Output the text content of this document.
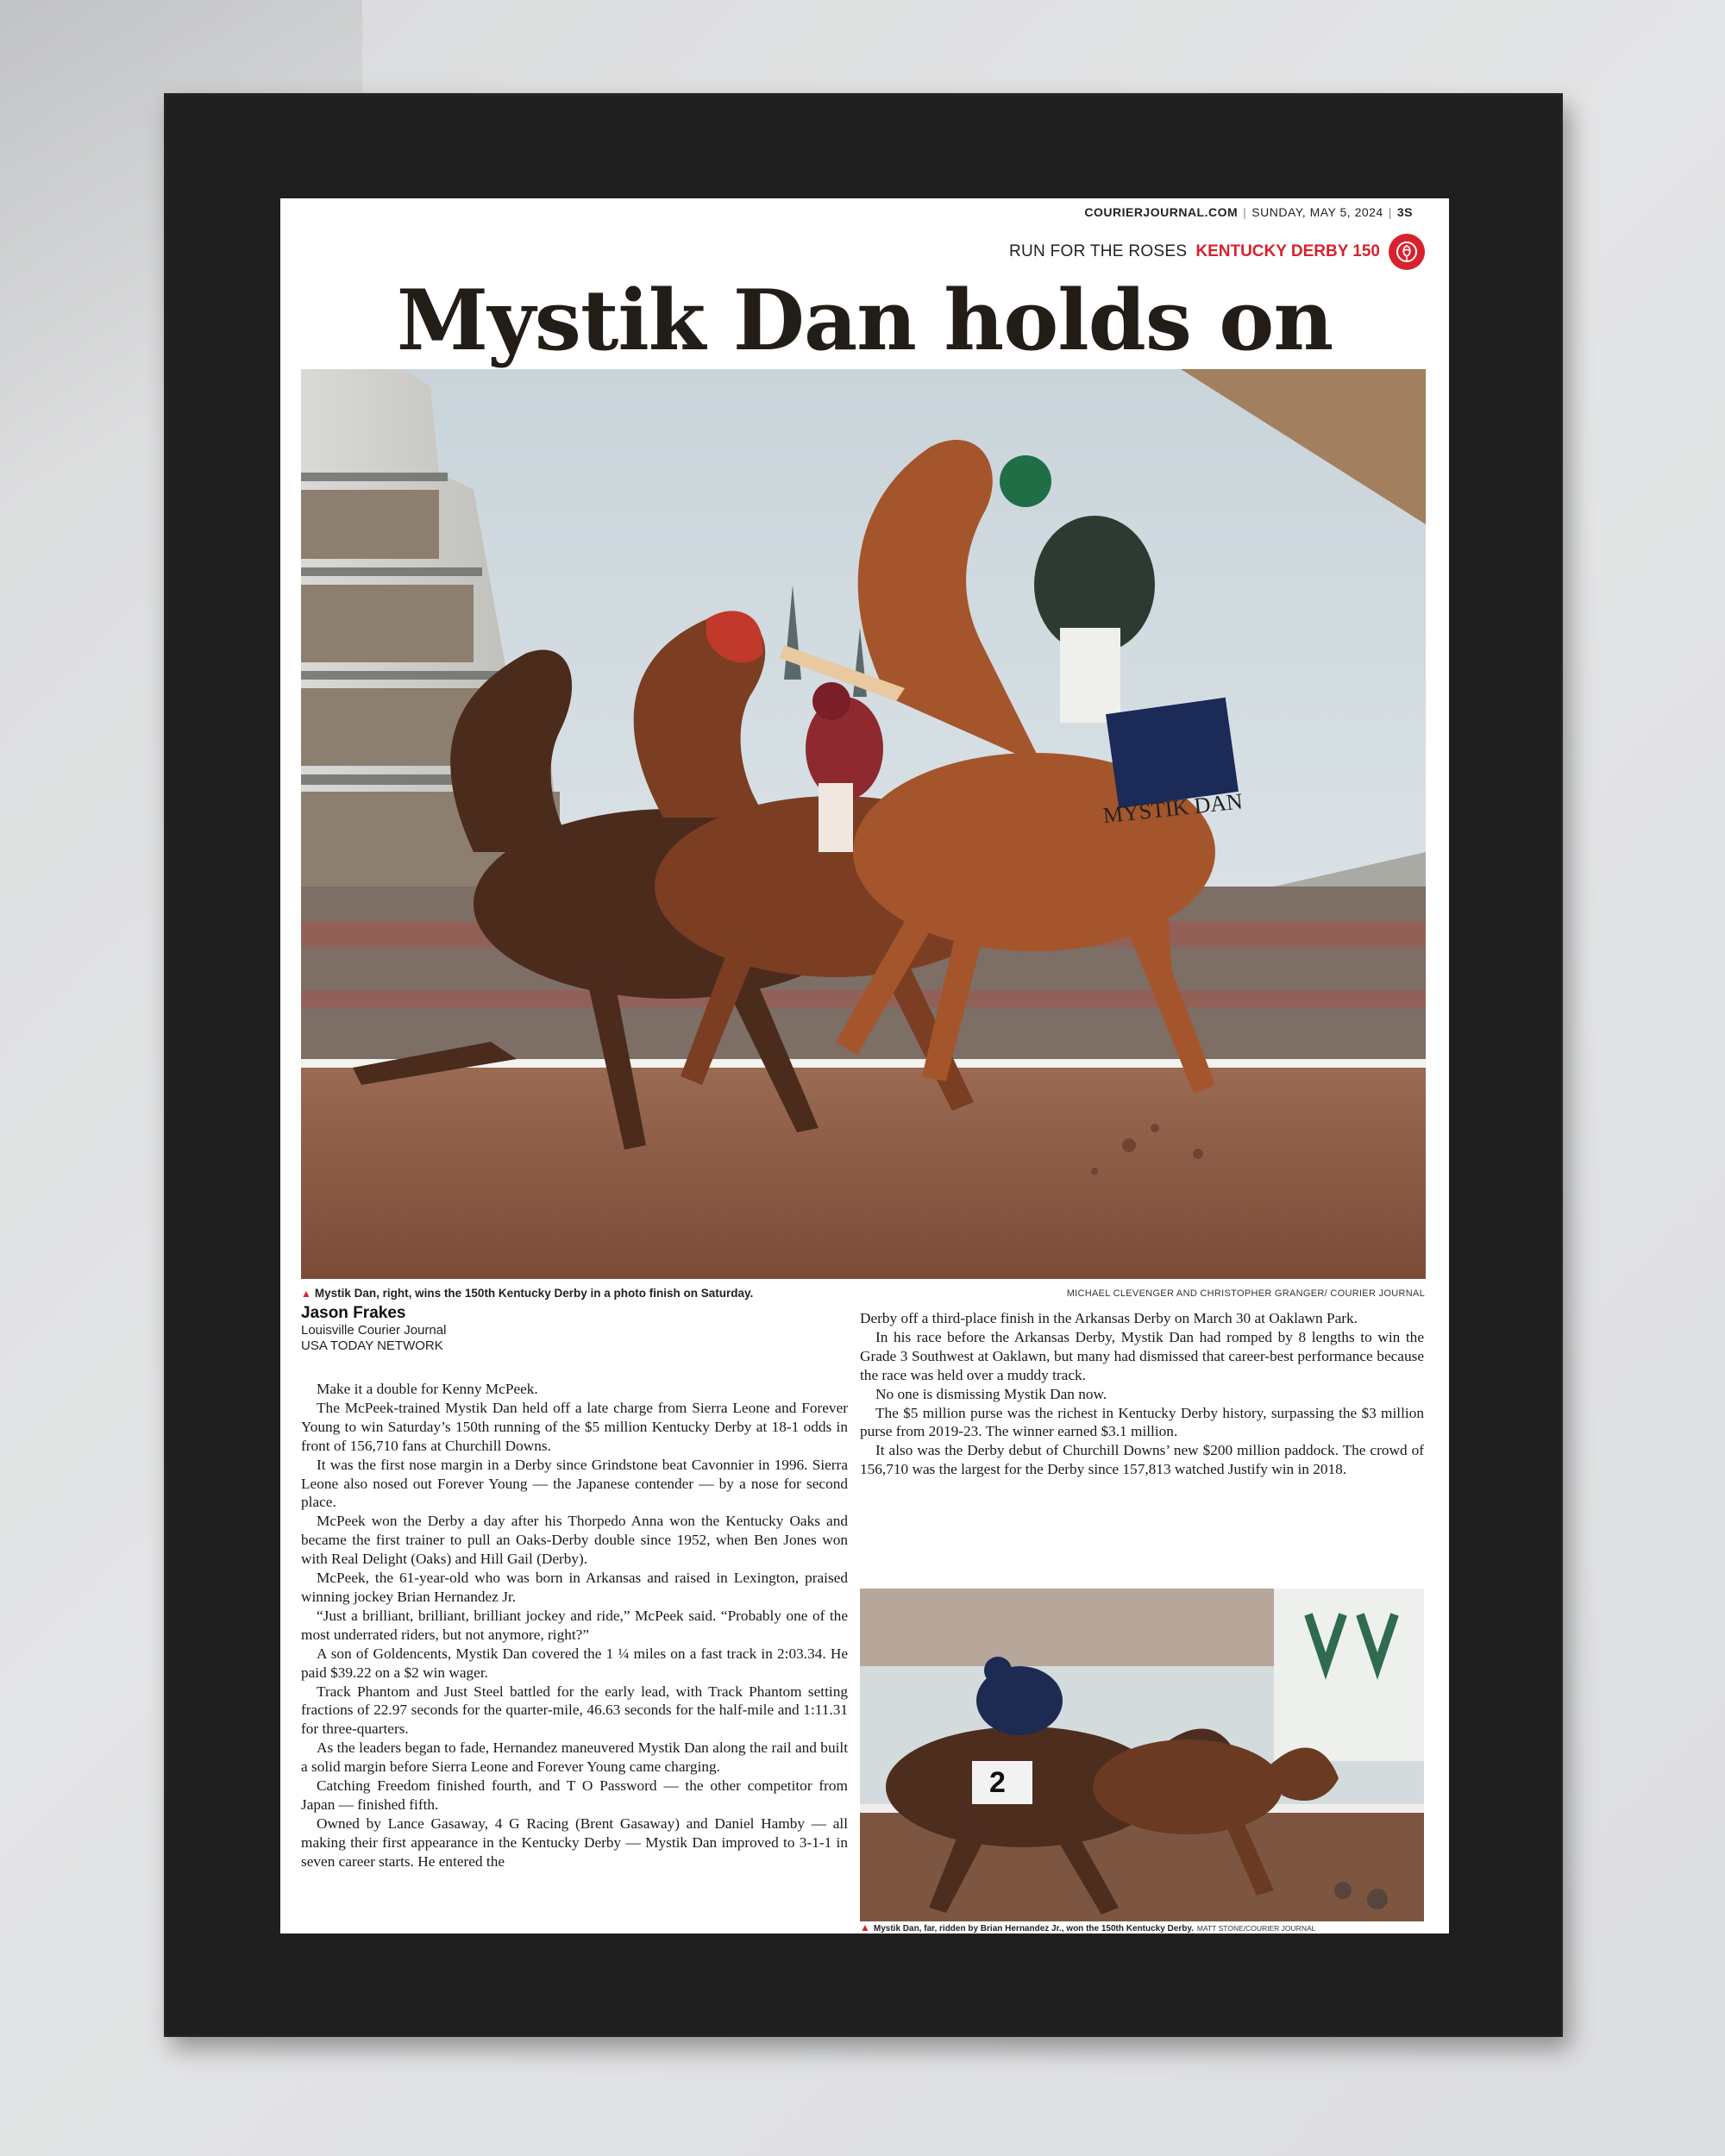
COURIERJOURNAL.COM | SUNDAY, MAY 5, 2024 | 3S
RUN FOR THE ROSES KENTUCKY DERBY 150
Mystik Dan holds on
MYSTIK DAN
▲ Mystik Dan, right, wins the 150th Kentucky Derby in a photo finish on Saturday.	MICHAEL CLEVENGER AND CHRISTOPHER GRANGER/ COURIER JOURNAL
Jason Frakes
Louisville Courier Journal
USA TODAY NETWORK

Make it a double for Kenny McPeek.

The McPeek-trained Mystik Dan held off a late charge from Sierra Leone and Forever Young to win Saturday’s 150th running of the $5 million Kentucky Derby at 18-1 odds in front of 156,710 fans at Churchill Downs.

It was the first nose margin in a Derby since Grindstone beat Cavonnier in 1996. Sierra Leone also nosed out Forever Young — the Japanese contender — by a nose for second place.

McPeek won the Derby a day after his Thorpedo Anna won the Kentucky Oaks and became the first trainer to pull an Oaks-Derby double since 1952, when Ben Jones won with Real Delight (Oaks) and Hill Gail (Derby).

McPeek, the 61-year-old who was born in Arkansas and raised in Lexington, praised winning jockey Brian Hernandez Jr.

“Just a brilliant, brilliant, brilliant jockey and ride,” McPeek said. “Probably one of the most underrated riders, but not anymore, right?”

A son of Goldencents, Mystik Dan covered the 1 ¼ miles on a fast track in 2:03.34. He paid $39.22 on a $2 win wager.

Track Phantom and Just Steel battled for the early lead, with Track Phantom setting fractions of 22.97 seconds for the quarter-mile, 46.63 seconds for the half-mile and 1:11.31 for three-quarters.

As the leaders began to fade, Hernandez maneuvered Mystik Dan along the rail and built a solid margin before Sierra Leone and Forever Young came charging.

Catching Freedom finished fourth, and T O Password — the other competitor from Japan — finished fifth.

Owned by Lance Gasaway, 4 G Racing (Brent Gasaway) and Daniel Hamby — all making their first appearance in the Kentucky Derby — Mystik Dan improved to 3-1-1 in seven career starts. He entered the

Derby off a third-place finish in the Arkansas Derby on March 30 at Oaklawn Park.

In his race before the Arkansas Derby, Mystik Dan had romped by 8 lengths to win the Grade 3 Southwest at Oaklawn, but many had dismissed that career-best performance because the race was held over a muddy track.

No one is dismissing Mystik Dan now.

The $5 million purse was the richest in Kentucky Derby history, surpassing the $3 million purse from 2019-23. The winner earned $3.1 million.

It also was the Derby debut of Churchill Downs’ new $200 million paddock. The crowd of 156,710 was the largest for the Derby since 157,813 watched Justify win in 2018.

2
▲ Mystik Dan, far, ridden by Brian Hernandez Jr., won the 150th Kentucky Derby. MATT STONE/COURIER JOURNAL
